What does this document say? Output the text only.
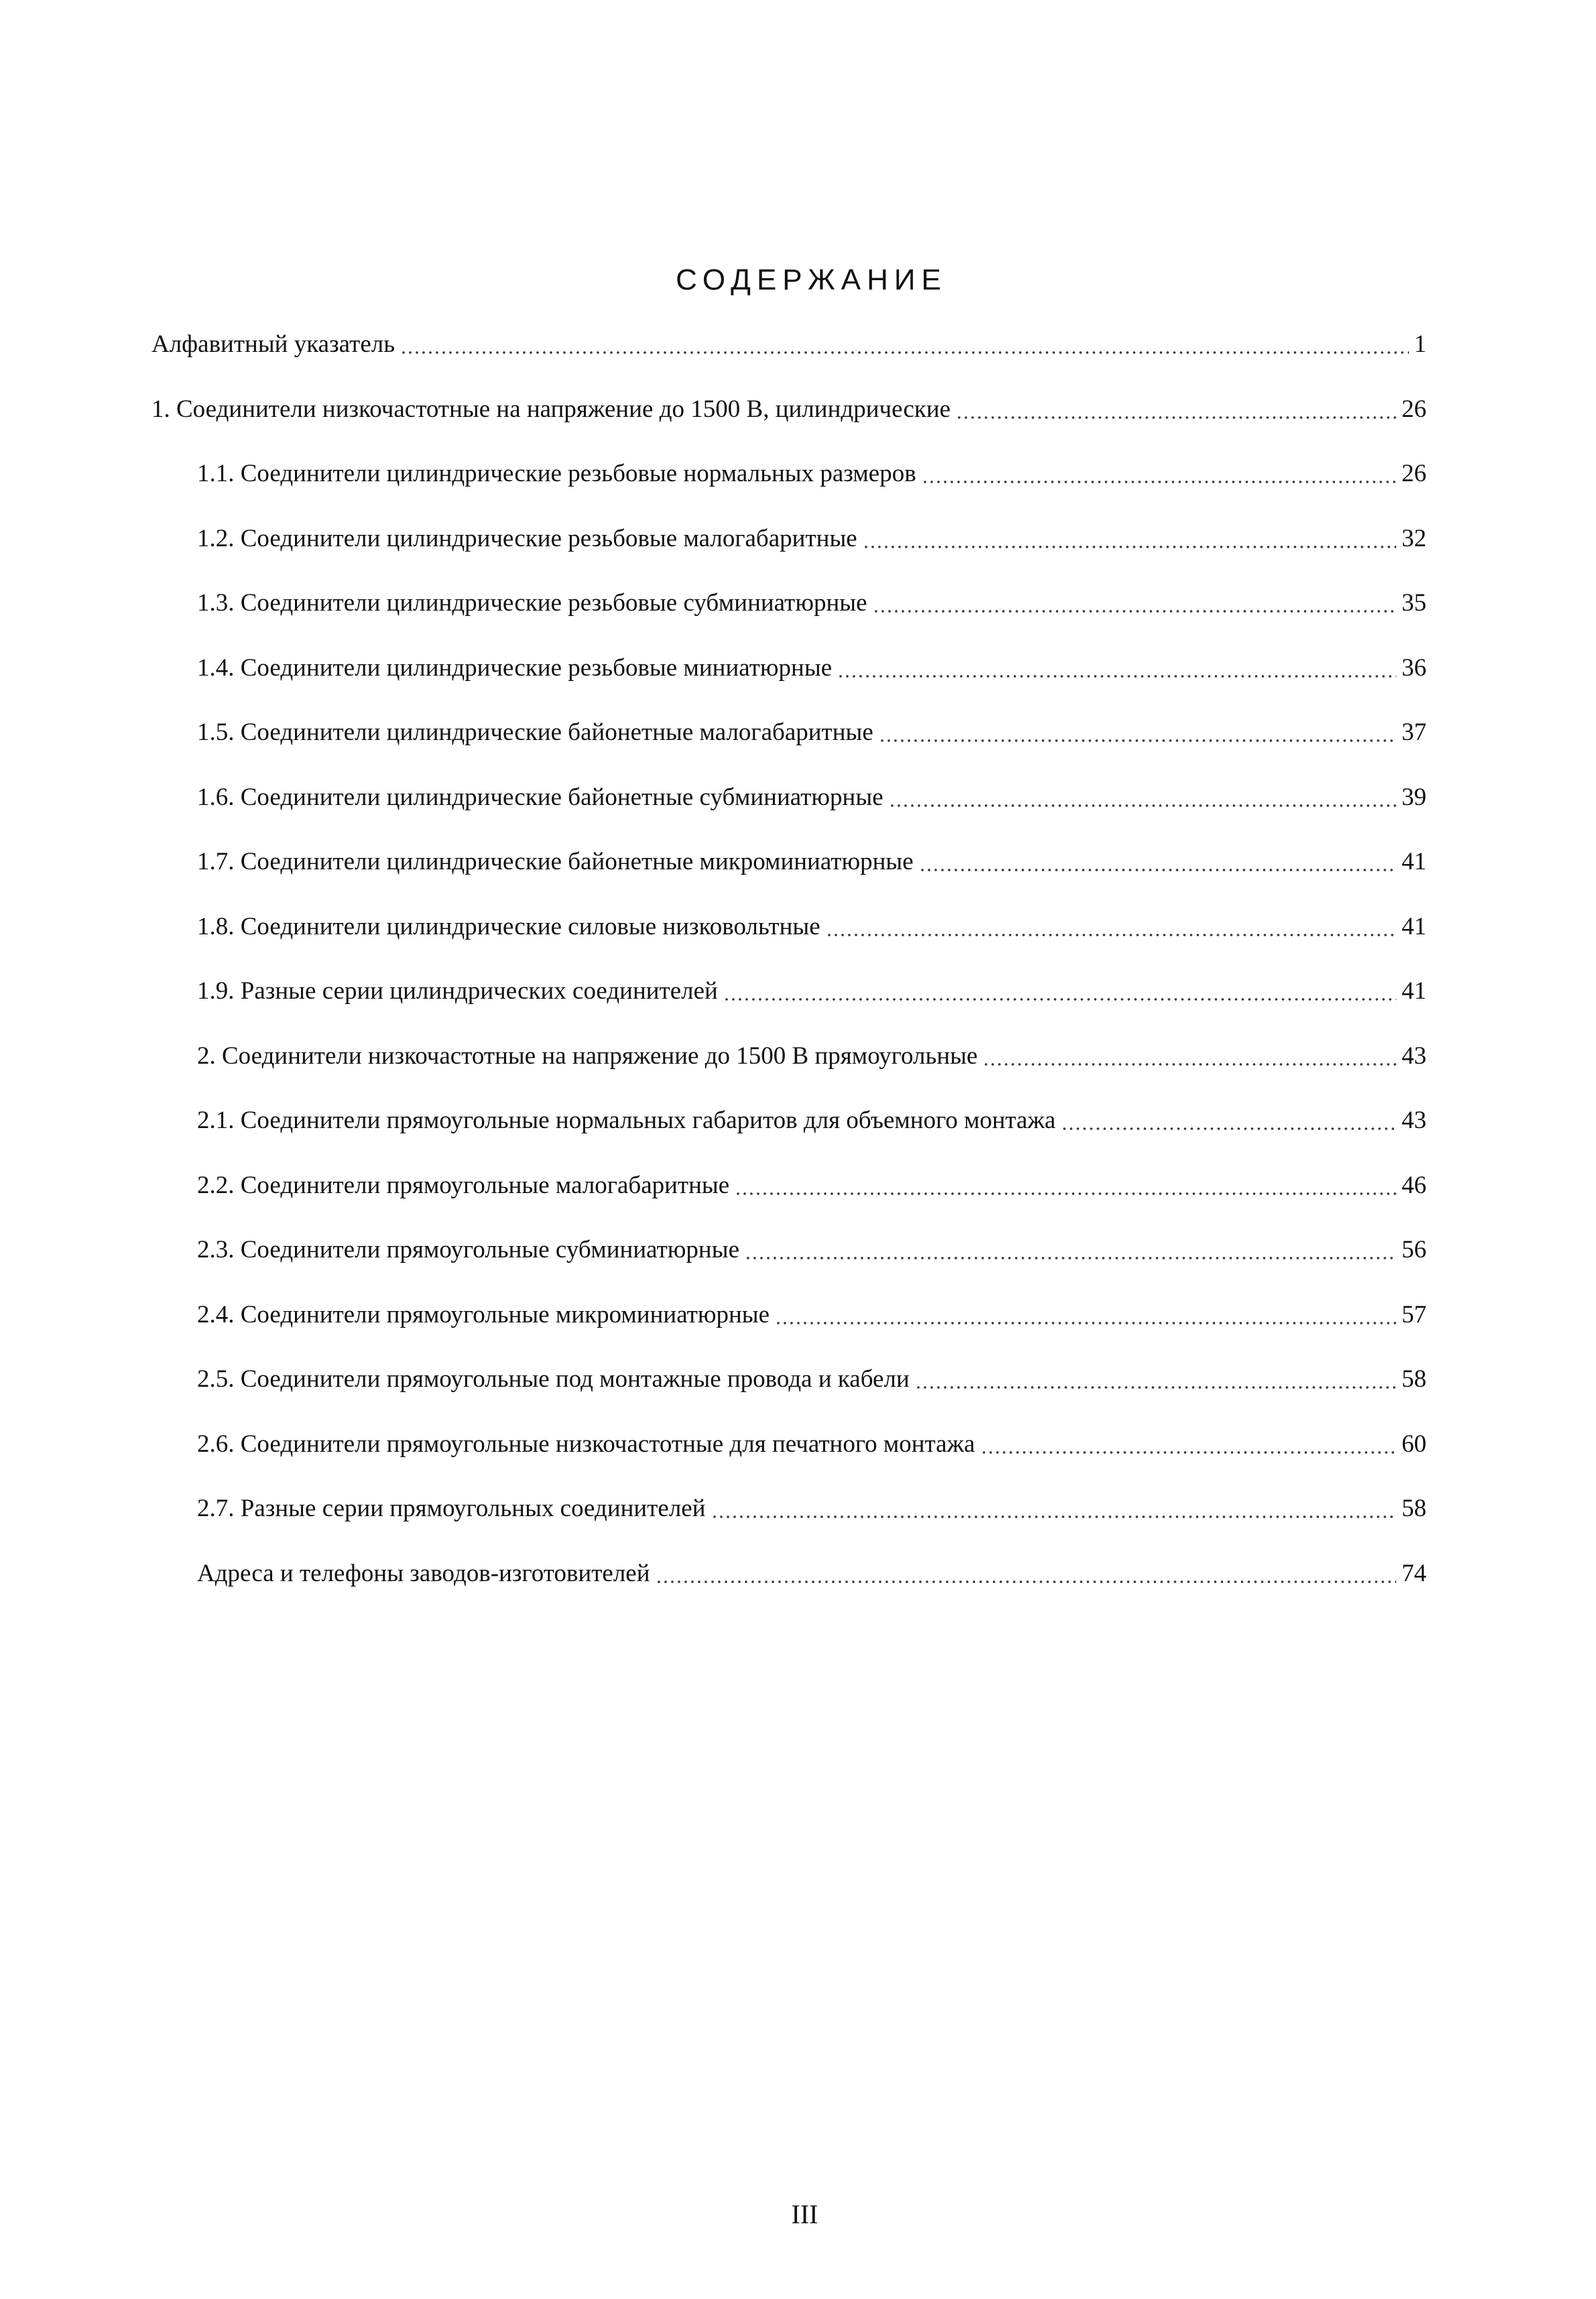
СОДЕРЖАНИЕ
Алфавитный указатель	1
1. Соединители низкочастотные на напряжение до 1500 В, цилиндрические	26
1.1. Соединители цилиндрические резьбовые нормальных размеров	26
1.2. Соединители цилиндрические резьбовые малогабаритные	32
1.3. Соединители цилиндрические резьбовые субминиатюрные	35
1.4. Соединители цилиндрические резьбовые миниатюрные	36
1.5. Соединители цилиндрические байонетные малогабаритные	37
1.6. Соединители цилиндрические байонетные субминиатюрные	39
1.7. Соединители цилиндрические байонетные микроминиатюрные	41
1.8. Соединители цилиндрические силовые низковольтные	41
1.9. Разные серии цилиндрических соединителей	41
2. Соединители низкочастотные на напряжение до 1500 В прямоугольные	43
2.1. Соединители прямоугольные нормальных габаритов для объемного монтажа	43
2.2. Соединители прямоугольные малогабаритные	46
2.3. Соединители прямоугольные субминиатюрные	56
2.4. Соединители прямоугольные микроминиатюрные	57
2.5. Соединители прямоугольные под монтажные провода и кабели	58
2.6. Соединители прямоугольные низкочастотные для печатного монтажа	60
2.7. Разные серии прямоугольных соединителей	58
Адреса и телефоны заводов-изготовителей	74
III
